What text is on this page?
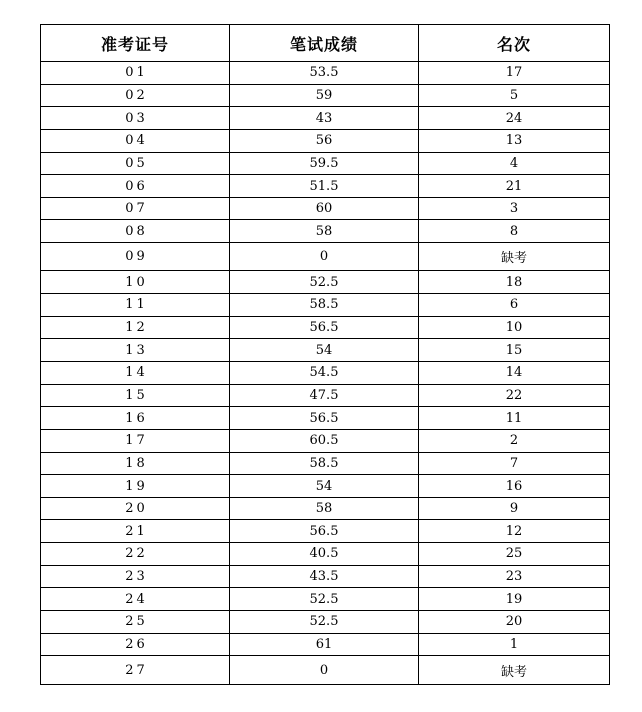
准考证号	笔试成绩	名次
01	53.5	17
02	59	5
03	43	24
04	56	13
05	59.5	4
06	51.5	21
07	60	3
08	58	8
09	0	缺考
10	52.5	18
11	58.5	6
12	56.5	10
13	54	15
14	54.5	14
15	47.5	22
16	56.5	11
17	60.5	2
18	58.5	7
19	54	16
20	58	9
21	56.5	12
22	40.5	25
23	43.5	23
24	52.5	19
25	52.5	20
26	61	1
27	0	缺考
